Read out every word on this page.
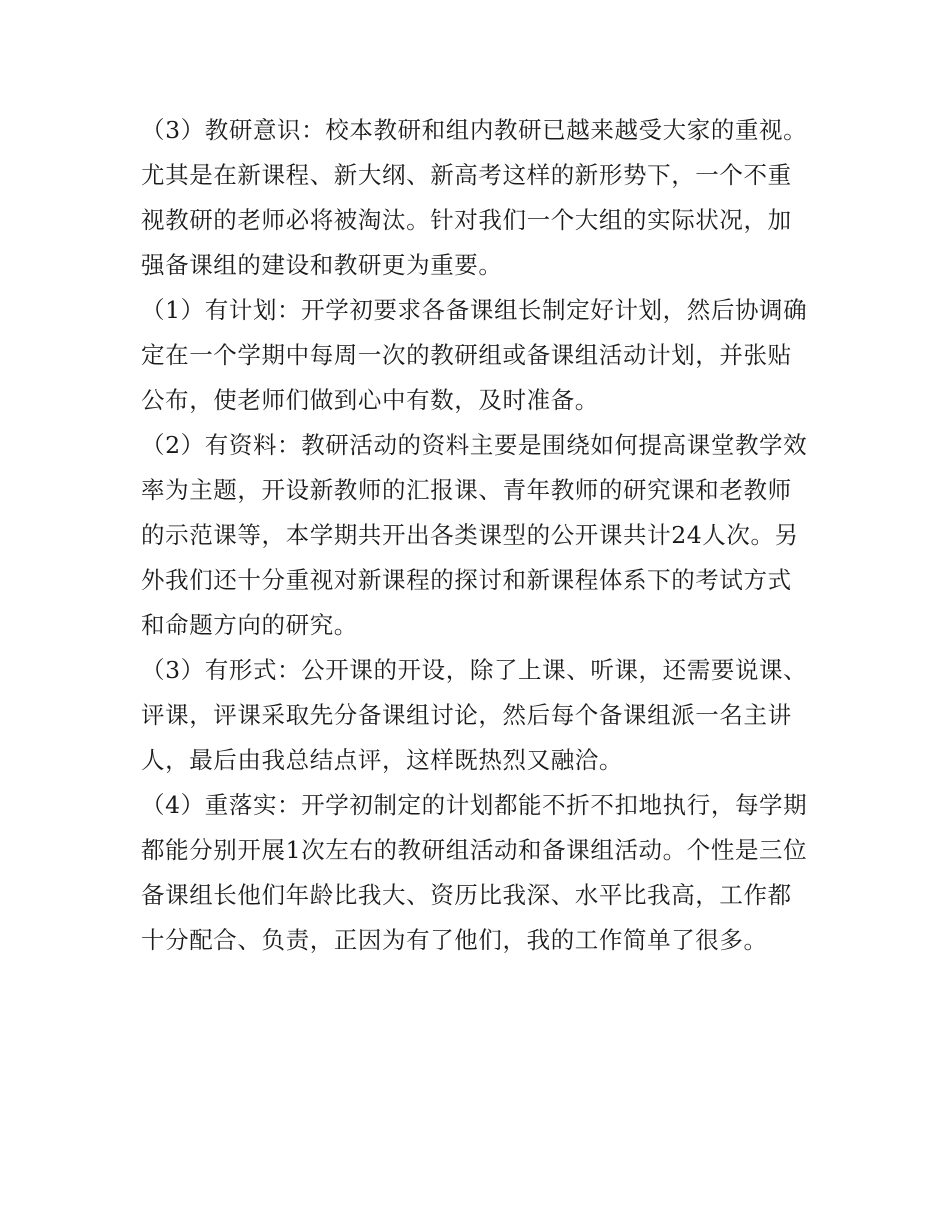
（3）教研意识：校本教研和组内教研已越来越受大家的重视。尤其是在新课程、新大纲、新高考这样的新形势下，一个不重视教研的老师必将被淘汰。针对我们一个大组的实际状况，加强备课组的建设和教研更为重要。

（1）有计划：开学初要求各备课组长制定好计划，然后协调确定在一个学期中每周一次的教研组或备课组活动计划，并张贴公布，使老师们做到心中有数，及时准备。

（2）有资料：教研活动的资料主要是围绕如何提高课堂教学效率为主题，开设新教师的汇报课、青年教师的研究课和老教师的示范课等，本学期共开出各类课型的公开课共计24人次。另外我们还十分重视对新课程的探讨和新课程体系下的考试方式和命题方向的研究。

（3）有形式：公开课的开设，除了上课、听课，还需要说课、评课，评课采取先分备课组讨论，然后每个备课组派一名主讲人，最后由我总结点评，这样既热烈又融洽。

（4）重落实：开学初制定的计划都能不折不扣地执行，每学期都能分别开展1次左右的教研组活动和备课组活动。个性是三位备课组长他们年龄比我大、资历比我深、水平比我高，工作都十分配合、负责，正因为有了他们，我的工作简单了很多。
